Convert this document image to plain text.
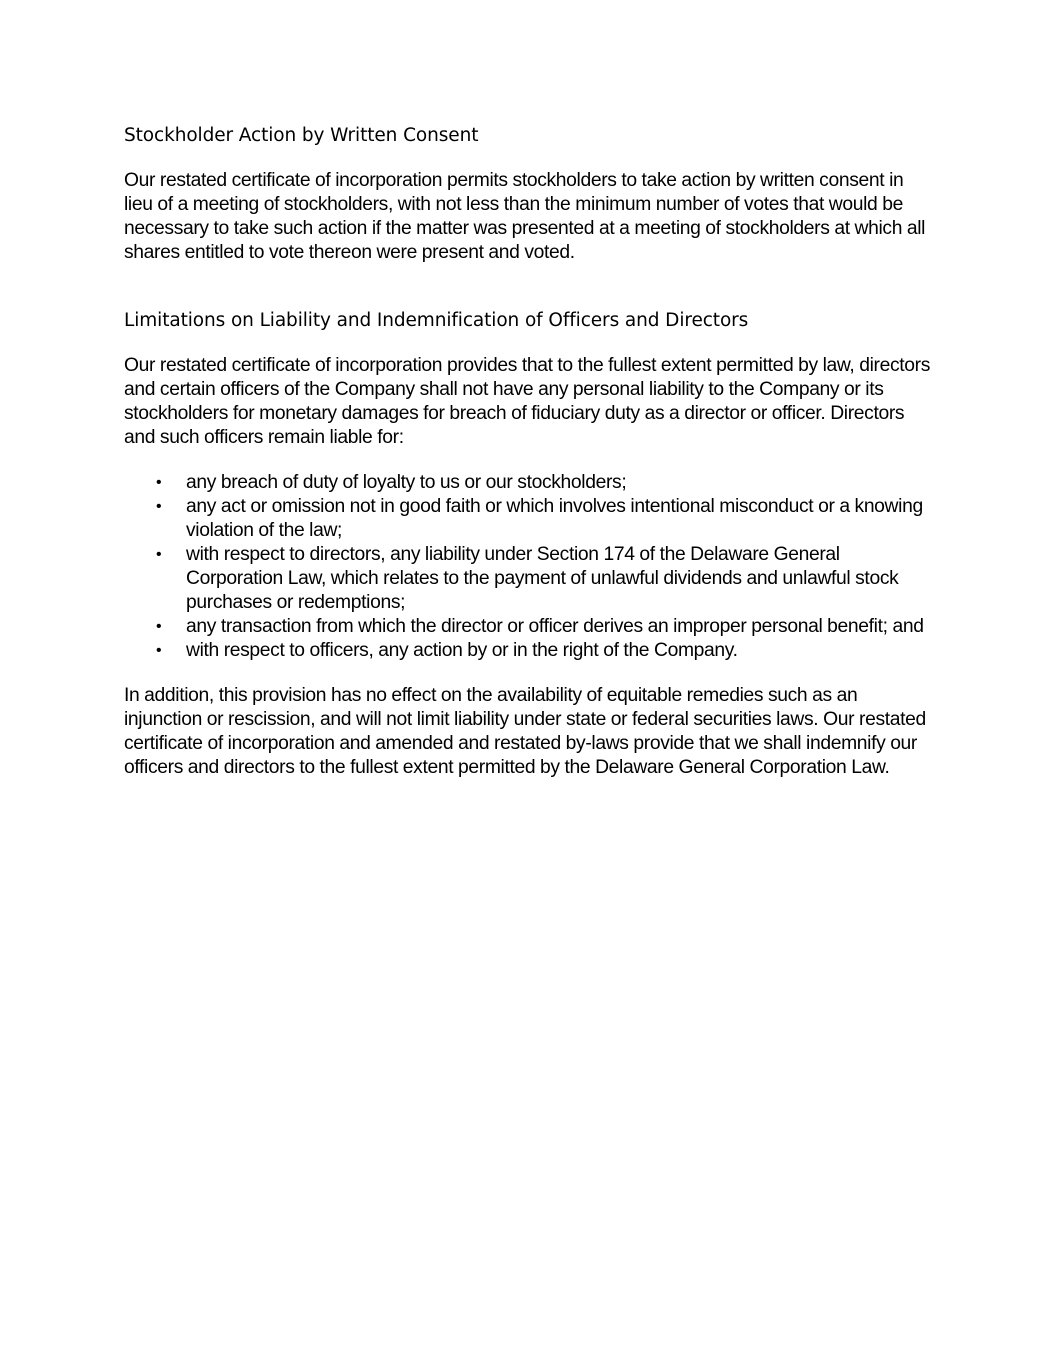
Stockholder Action by Written Consent

Our restated certificate of incorporation permits stockholders to take action by written consent in lieu of a meeting of stockholders, with not less than the minimum number of votes that would be necessary to take such action if the matter was presented at a meeting of stockholders at which all shares entitled to vote thereon were present and voted.

Limitations on Liability and Indemnification of Officers and Directors

Our restated certificate of incorporation provides that to the fullest extent permitted by law, directors and certain officers of the Company shall not have any personal liability to the Company or its stockholders for monetary damages for breach of fiduciary duty as a director or officer. Directors and such officers remain liable for:

• any breach of duty of loyalty to us or our stockholders;
• any act or omission not in good faith or which involves intentional misconduct or a knowing violation of the law;
• with respect to directors, any liability under Section 174 of the Delaware General Corporation Law, which relates to the payment of unlawful dividends and unlawful stock purchases or redemptions;
• any transaction from which the director or officer derives an improper personal benefit; and
• with respect to officers, any action by or in the right of the Company.

In addition, this provision has no effect on the availability of equitable remedies such as an injunction or rescission, and will not limit liability under state or federal securities laws. Our restated certificate of incorporation and amended and restated by-laws provide that we shall indemnify our officers and directors to the fullest extent permitted by the Delaware General Corporation Law.
